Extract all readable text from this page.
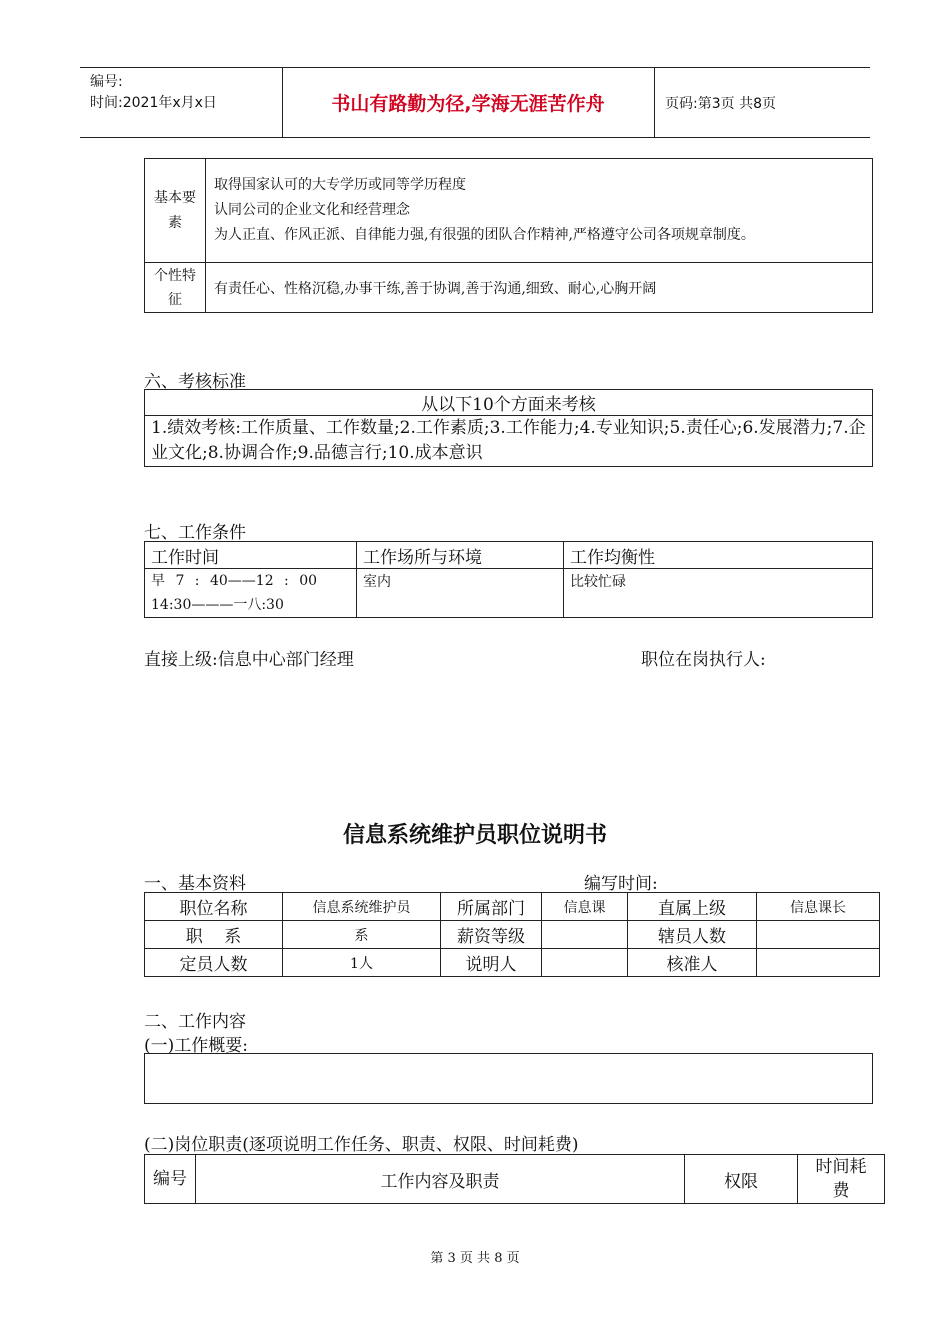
编号:
时间:2021年x月x日	书山有路勤为径,学海无涯苦作舟	页码:第3页 共8页
基本要素	取得国家认可的大专学历或同等学历程度
认同公司的企业文化和经营理念
为人正直、作风正派、自律能力强,有很强的团队合作精神,严格遵守公司各项规章制度。

个性特征	有责任心、性格沉稳,办事干练,善于协调,善于沟通,细致、耐心,心胸开阔
六、考核标准
从以下10个方面来考核
1.绩效考核:工作质量、工作数量;2.工作素质;3.工作能力;4.专业知识;5.责任心;6.发展潜力;7.企业文化;8.协调合作;9.品德言行;10.成本意识
七、工作条件
工作时间	工作场所与环境	工作均衡性

早 7 : 40——12 : 00
14:30———一八:30	室内	比较忙碌
直接上级:信息中心部门经理	职位在岗执行人:
信息系统维护员职位说明书
一、基本资料	编写时间:
职位名称	信息系统维护员	所属部门	信息课	直属上级	信息课长
职    系	系	薪资等级		辖员人数	
定员人数	1人	说明人		核准人	
二、工作内容
(一)工作概要:
(二)岗位职责(逐项说明工作任务、职责、权限、时间耗费)
编号	工作内容及职责	权限	时间耗费
第 3 页 共 8 页
